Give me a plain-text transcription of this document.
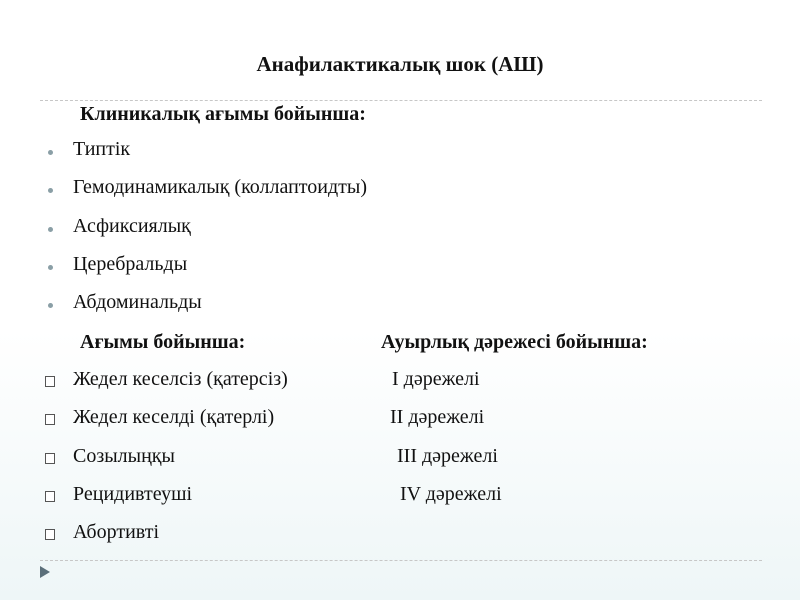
Анафилактикалық шок (АШ)
Клиникалық ағымы бойынша:
Типтік
Гемодинамикалық (коллаптоидты)
Асфиксиялық
Церебральды
Абдоминальды
Ағымы бойынша:	Ауырлық дәрежесі бойынша:
Жедел кеселсіз (қатерсіз)
Жедел кеселді (қатерлі)
Созылыңқы
Рецидивтеуші
Абортивті
I дәрежелі
II дәрежелі
III дәрежелі
IV дәрежелі
